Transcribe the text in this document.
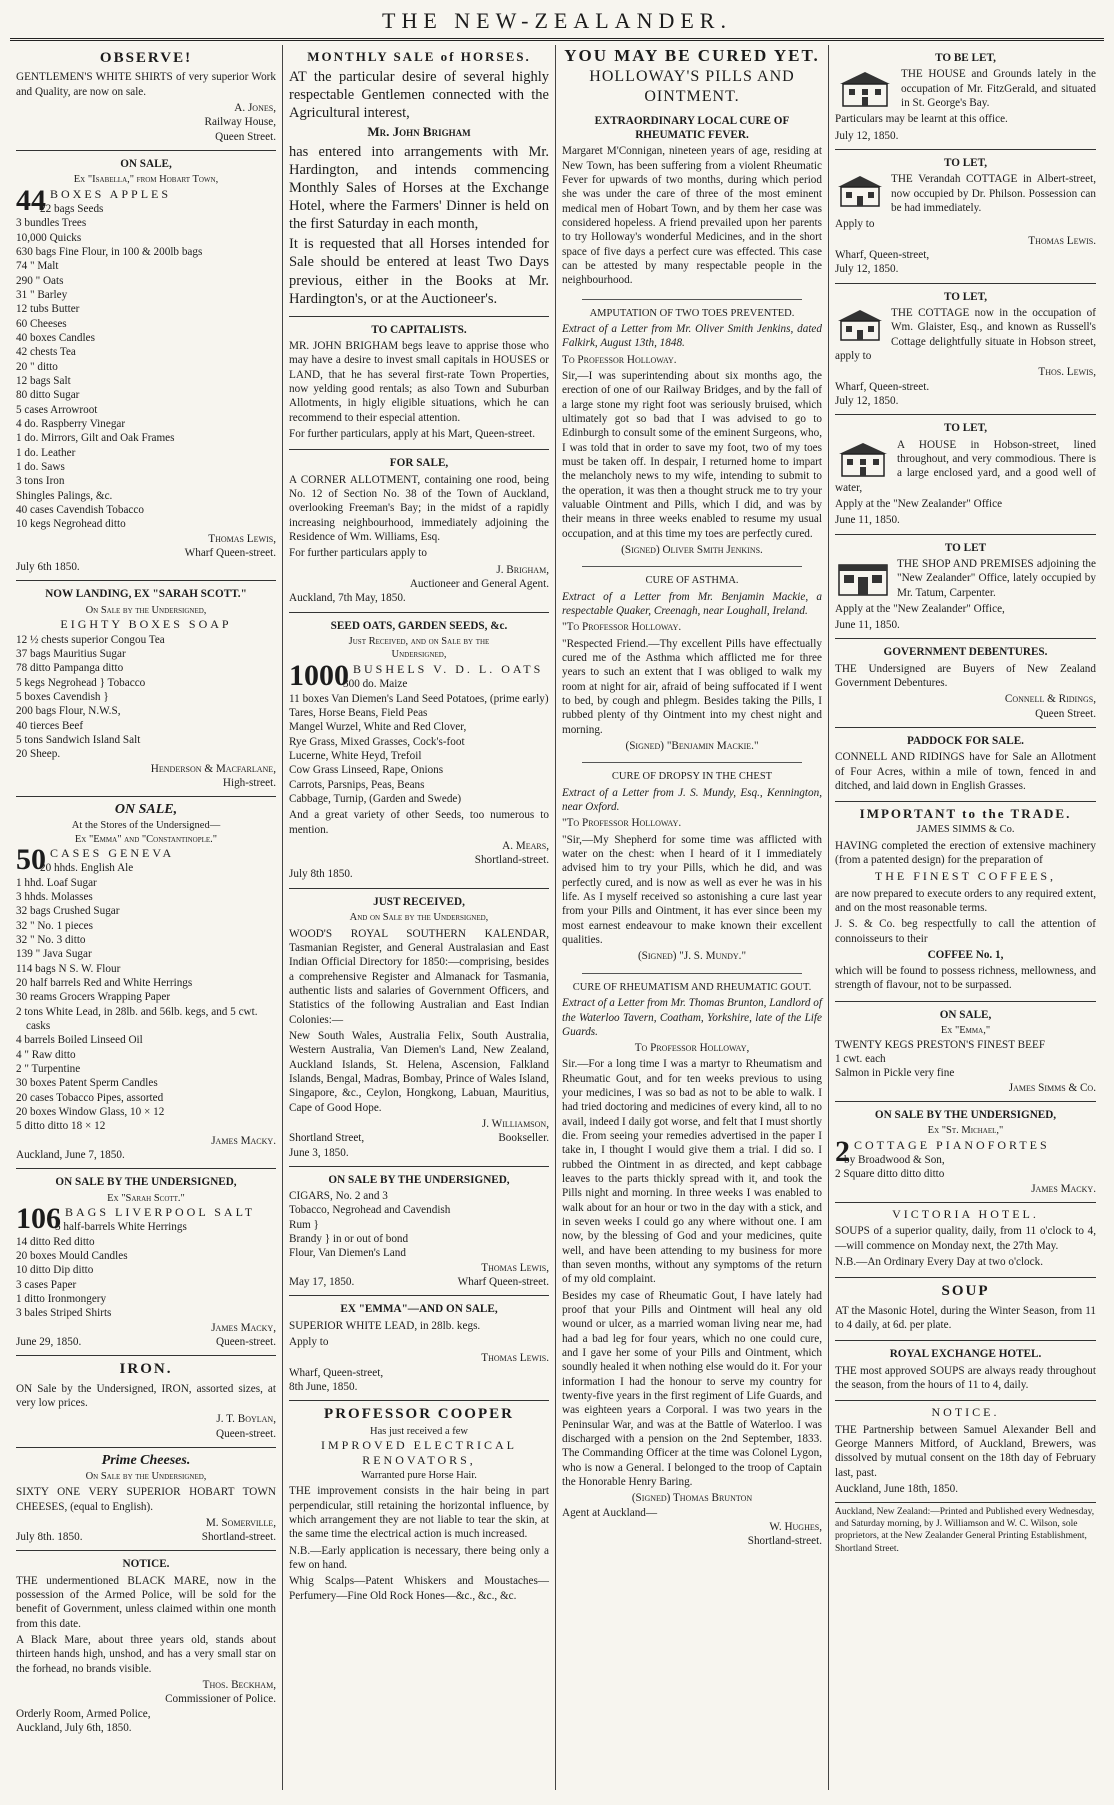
THE NEW-ZEALANDER.
OBSERVE!

GENTLEMEN'S WHITE SHIRTS of very superior Work and Quality, are now on sale.

A. Jones,
Railway House,
Queen Street.
ON SALE,
Ex "Isabella," from Hobart Town,
44 BOXES APPLES
22 bags Seeds
3 bundles Trees
10,000 Quicks
630 bags Fine Flour, in 100 & 200lb bags
74 " Malt
290 " Oats
31 " Barley
12 tubs Butter
60 Cheeses
40 boxes Candles
42 chests Tea
20 " ditto
12 bags Salt
80 ditto Sugar
5 cases Arrowroot
4 do. Raspberry Vinegar
1 do. Mirrors, Gilt and Oak Frames
1 do. Leather
1 do. Saws
3 tons Iron
Shingles Palings, &c.
40 cases Cavendish Tobacco
10 kegs Negrohead ditto
Thomas Lewis,
Wharf Queen-street.
July 6th 1850.
NOW LANDING, EX "SARAH SCOTT."
On Sale by the Undersigned,
EIGHTY BOXES SOAP
12 ½ chests superior Congou Tea
37 bags Mauritius Sugar
78 ditto Pampanga ditto
5 kegs Negrohead } Tobacco
5 boxes Cavendish }
200 bags Flour, N.W.S,
40 tierces Beef
5 tons Sandwich Island Salt
20 Sheep.
Henderson & Macfarlane,
High-street.
ON SALE,
At the Stores of the Undersigned—
Ex "Emma" and "Constantinople."
50 CASES GENEVA
20 hhds. English Ale
1 hhd. Loaf Sugar
3 hhds. Molasses
32 bags Crushed Sugar
32 " No. 1 pieces
32 " No. 3 ditto
139 " Java Sugar
114 bags N S. W. Flour
20 half barrels Red and White Herrings
30 reams Grocers Wrapping Paper
2 tons White Lead, in 28lb. and 56lb. kegs, and 5 cwt. casks
4 barrels Boiled Linseed Oil
4 " Raw ditto
2 " Turpentine
30 boxes Patent Sperm Candles
20 cases Tobacco Pipes, assorted
20 boxes Window Glass, 10 × 12
5 ditto ditto 18 × 12
James Macky.
Auckland, June 7, 1850.
ON SALE BY THE UNDERSIGNED,
Ex "Sarah Scott."
106 BAGS LIVERPOOL SALT
5 half-barrels White Herrings
14 ditto Red ditto
20 boxes Mould Candles
10 ditto Dip ditto
3 cases Paper
1 ditto Ironmongery
3 bales Striped Shirts
James Macky,
June 29, 1850.	Queen-street.
IRON.

ON Sale by the Undersigned, IRON, assorted sizes, at very low prices.

J. T. Boylan,
Queen-street.
Prime Cheeses.
On Sale by the Undersigned,

SIXTY ONE VERY SUPERIOR HOBART TOWN CHEESES, (equal to English).

M. Somerville,
July 8th. 1850.	Shortland-street.
NOTICE.

THE undermentioned BLACK MARE, now in the possession of the Armed Police, will be sold for the benefit of Government, unless claimed within one month from this date.

A Black Mare, about three years old, stands about thirteen hands high, unshod, and has a very small star on the forhead, no brands visible.

Thos. Beckham,
Commissioner of Police.
Orderly Room, Armed Police,
Auckland, July 6th, 1850.
MONTHLY SALE of HORSES.

AT the particular desire of several highly respectable Gentlemen connected with the Agricultural interest,

Mr. John Brigham

has entered into arrangements with Mr. Hardington, and intends commencing Monthly Sales of Horses at the Exchange Hotel, where the Farmers' Dinner is held on the first Saturday in each month,

It is requested that all Horses intended for Sale should be entered at least Two Days previous, either in the Books at Mr. Hardington's, or at the Auctioneer's.

TO CAPITALISTS.

MR. JOHN BRIGHAM begs leave to apprise those who may have a desire to invest small capitals in HOUSES or LAND, that he has several first-rate Town Properties, now yelding good rentals; as also Town and Suburban Allotments, in higly eligible situations, which he can recommend to their especial attention.

For further particulars, apply at his Mart, Queen-street.

FOR SALE,

A CORNER ALLOTMENT, containing one rood, being No. 12 of Section No. 38 of the Town of Auckland, overlooking Freeman's Bay; in the midst of a rapidly increasing neighbourhood, immediately adjoining the Residence of Wm. Williams, Esq.

For further particulars apply to

J. Brigham,
Auctioneer and General Agent.
Auckland, 7th May, 1850.
SEED OATS, GARDEN SEEDS, &c.
Just Received, and on Sale by the
Undersigned,
1000 BUSHELS V. D. L. OATS
300 do. Maize
11 boxes Van Diemen's Land Seed Potatoes, (prime early)
Tares, Horse Beans, Field Peas
Mangel Wurzel, White and Red Clover,
Rye Grass, Mixed Grasses, Cock's-foot
Lucerne, White Heyd, Trefoil
Cow Grass Linseed, Rape, Onions
Carrots, Parsnips, Peas, Beans
Cabbage, Turnip, (Garden and Swede)

And a great variety of other Seeds, too numerous to mention.

A. Mears,
Shortland-street.
July 8th 1850.
JUST RECEIVED,
And on Sale by the Undersigned,

WOOD'S ROYAL SOUTHERN KALENDAR, Tasmanian Register, and General Australasian and East Indian Official Directory for 1850:—comprising, besides a comprehensive Register and Almanack for Tasmania, authentic lists and salaries of Government Officers, and Statistics of the following Australian and East Indian Colonies:—

New South Wales, Australia Felix, South Australia, Western Australia, Van Diemen's Land, New Zealand, Auckland Islands, St. Helena, Ascension, Falkland Islands, Bengal, Madras, Bombay, Prince of Wales Island, Singapore, &c., Ceylon, Hongkong, Labuan, Mauritius, Cape of Good Hope.

J. Williamson,
Shortland Street,	Bookseller.
June 3, 1850.
ON SALE BY THE UNDERSIGNED,
CIGARS, No. 2 and 3
Tobacco, Negrohead and Cavendish
Rum }
Brandy } in or out of bond
Flour, Van Diemen's Land
Thomas Lewis,
May 17, 1850.	Wharf Queen-street.
EX "EMMA"—AND ON SALE,

SUPERIOR WHITE LEAD, in 28lb. kegs.

Apply to

Thomas Lewis.
Wharf, Queen-street,
8th June, 1850.
PROFESSOR COOPER
Has just received a few
IMPROVED ELECTRICAL RENOVATORS,
Warranted pure Horse Hair.

THE improvement consists in the hair being in part perpendicular, still retaining the horizontal influence, by which arrangement they are not liable to tear the skin, at the same time the electrical action is much increased.

N.B.—Early application is necessary, there being only a few on hand.

Whig Scalps—Patent Whiskers and Moustaches—Perfumery—Fine Old Rock Hones—&c., &c., &c.

YOU MAY BE CURED YET.
HOLLOWAY'S PILLS AND OINTMENT.
EXTRAORDINARY LOCAL CURE OF RHEUMATIC FEVER.

Margaret M'Connigan, nineteen years of age, residing at New Town, has been suffering from a violent Rheumatic Fever for upwards of two months, during which period she was under the care of three of the most eminent medical men of Hobart Town, and by them her case was considered hopeless. A friend prevailed upon her parents to try Holloway's wonderful Medicines, and in the short space of five days a perfect cure was effected. This case can be attested by many respectable people in the neighbourhood.

AMPUTATION OF TWO TOES PREVENTED.

Extract of a Letter from Mr. Oliver Smith Jenkins, dated Falkirk, August 13th, 1848.

To Professor Holloway.

Sir,—I was superintending about six months ago, the erection of one of our Railway Bridges, and by the fall of a large stone my right foot was seriously bruised, which ultimately got so bad that I was advised to go to Edinburgh to consult some of the eminent Surgeons, who, I was told that in order to save my foot, two of my toes must be taken off. In despair, I returned home to impart the melancholy news to my wife, intending to submit to the operation, it was then a thought struck me to try your valuable Ointment and Pills, which I did, and was by their means in three weeks enabled to resume my usual occupation, and at this time my toes are perfectly cured.

(Signed) Oliver Smith Jenkins.
CURE OF ASTHMA.

Extract of a Letter from Mr. Benjamin Mackie, a respectable Quaker, Creenagh, near Loughall, Ireland.

"To Professor Holloway.

"Respected Friend.—Thy excellent Pills have effectually cured me of the Asthma which afflicted me for three years to such an extent that I was obliged to walk my room at night for air, afraid of being suffocated if I went to bed, by cough and phlegm. Besides taking the Pills, I rubbed plenty of thy Ointment into my chest night and morning.

(Signed) "Benjamin Mackie."
CURE OF DROPSY IN THE CHEST

Extract of a Letter from J. S. Mundy, Esq., Kennington, near Oxford.

"To Professor Holloway.

"Sir,—My Shepherd for some time was afflicted with water on the chest: when I heard of it I immediately advised him to try your Pills, which he did, and was perfectly cured, and is now as well as ever he was in his life. As I myself received so astonishing a cure last year from your Pills and Ointment, it has ever since been my most earnest endeavour to make known their excellent qualities.

(Signed) "J. S. Mundy."
CURE OF RHEUMATISM AND RHEUMATIC GOUT.

Extract of a Letter from Mr. Thomas Brunton, Landlord of the Waterloo Tavern, Coatham, Yorkshire, late of the Life Guards.

To Professor Holloway,

Sir.—For a long time I was a martyr to Rheumatism and Rheumatic Gout, and for ten weeks previous to using your medicines, I was so bad as not to be able to walk. I had tried doctoring and medicines of every kind, all to no avail, indeed I daily got worse, and felt that I must shortly die. From seeing your remedies advertised in the paper I take in, I thought I would give them a trial. I did so. I rubbed the Ointment in as directed, and kept cabbage leaves to the parts thickly spread with it, and took the Pills night and morning. In three weeks I was enabled to walk about for an hour or two in the day with a stick, and in seven weeks I could go any where without one. I am now, by the blessing of God and your medicines, quite well, and have been attending to my business for more than seven months, without any symptoms of the return of my old complaint.

Besides my case of Rheumatic Gout, I have lately had proof that your Pills and Ointment will heal any old wound or ulcer, as a married woman living near me, had had a bad leg for four years, which no one could cure, and I gave her some of your Pills and Ointment, which soundly healed it when nothing else would do it. For your information I had the honour to serve my country for twenty-five years in the first regiment of Life Guards, and was eighteen years a Corporal. I was two years in the Peninsular War, and was at the Battle of Waterloo. I was discharged with a pension on the 2nd September, 1833. The Commanding Officer at the time was Colonel Lygon, who is now a General. I belonged to the troop of Captain the Honorable Henry Baring.

(Signed) Thomas Brunton
Agent at Auckland—
W. Hughes,
Shortland-street.
TO BE LET,

THE HOUSE and Grounds lately in the occupation of Mr. FitzGerald, and situated in St. George's Bay.

Particulars may be learnt at this office.

July 12, 1850.
TO LET,

THE Verandah COTTAGE in Albert-street, now occupied by Dr. Philson. Possession can be had immediately.

Apply to

Thomas Lewis.
Wharf, Queen-street,
July 12, 1850.
TO LET,

THE COTTAGE now in the occupation of Wm. Glaister, Esq., and known as Russell's Cottage delightfully situate in Hobson street, apply to

Thos. Lewis,
Wharf, Queen-street.
July 12, 1850.
TO LET,

A HOUSE in Hobson-street, lined throughout, and very commodious. There is a large enclosed yard, and a good well of water,

Apply at the "New Zealander" Office

June 11, 1850.
TO LET

THE SHOP AND PREMISES adjoining the "New Zealander" Office, lately occupied by Mr. Tatum, Carpenter.

Apply at the "New Zealander" Office,

June 11, 1850.
GOVERNMENT DEBENTURES.

THE Undersigned are Buyers of New Zealand Government Debentures.

Connell & Ridings,
Queen Street.
PADDOCK FOR SALE.

CONNELL AND RIDINGS have for Sale an Allotment of Four Acres, within a mile of town, fenced in and ditched, and laid down in English Grasses.

IMPORTANT to the TRADE.
JAMES SIMMS & Co.

HAVING completed the erection of extensive machinery (from a patented design) for the preparation of

THE FINEST COFFEES,

are now prepared to execute orders to any required extent, and on the most reasonable terms.

J. S. & Co. beg respectfully to call the attention of connoisseurs to their

COFFEE No. 1,

which will be found to possess richness, mellowness, and strength of flavour, not to be surpassed.

ON SALE,
Ex "Emma,"
TWENTY KEGS PRESTON'S FINEST BEEF
1 cwt. each
Salmon in Pickle very fine
James Simms & Co.
ON SALE BY THE UNDERSIGNED,
Ex "St. Michael,"
2 COTTAGE PIANOFORTES
by Broadwood & Son,
2 Square ditto ditto ditto
James Macky.
VICTORIA HOTEL.

SOUPS of a superior quality, daily, from 11 o'clock to 4,—will commence on Monday next, the 27th May.

N.B.—An Ordinary Every Day at two o'clock.

SOUP

AT the Masonic Hotel, during the Winter Season, from 11 to 4 daily, at 6d. per plate.

ROYAL EXCHANGE HOTEL.

THE most approved SOUPS are always ready throughout the season, from the hours of 11 to 4, daily.

NOTICE.

THE Partnership between Samuel Alexander Bell and George Manners Mitford, of Auckland, Brewers, was dissolved by mutual consent on the 18th day of February last, past.

Auckland, June 18th, 1850.

Auckland, New Zealand:—Printed and Published every Wednesday, and Saturday morning, by J. Williamson and W. C. Wilson, sole proprietors, at the New Zealander General Printing Establishment, Shortland Street.
